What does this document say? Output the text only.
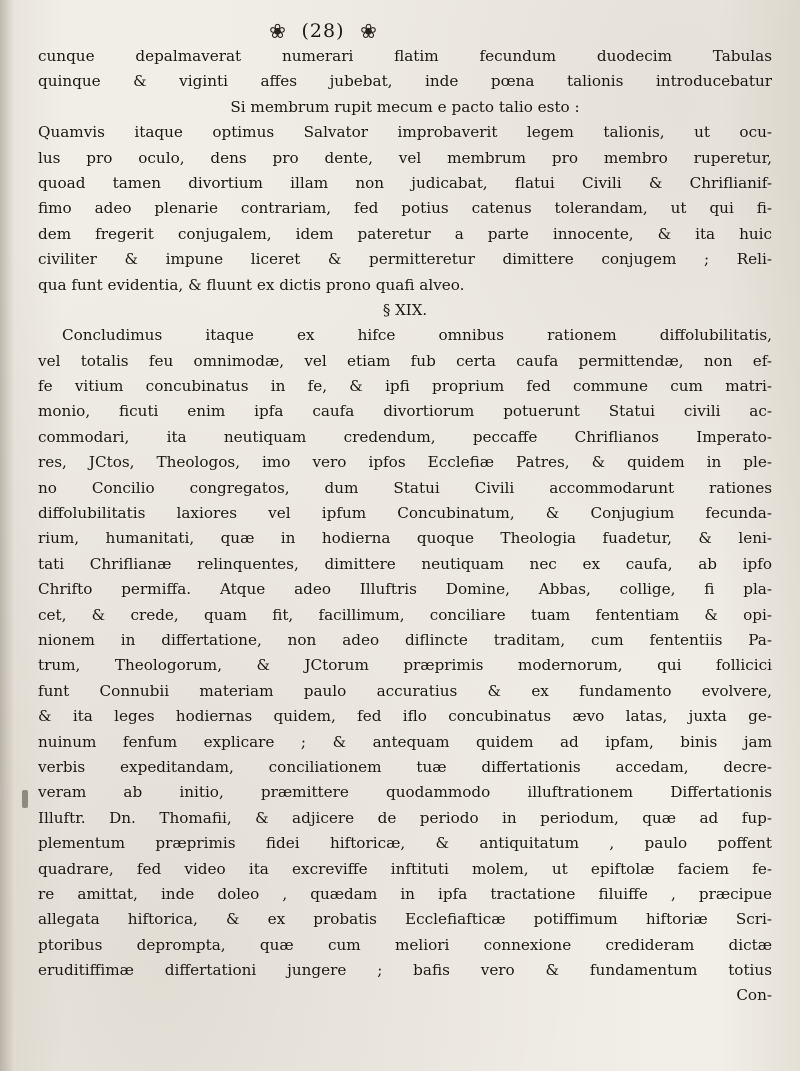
❀ (28) ❀
cunque depalmaverat numerari flatim fecundum duodecim Tabulas
quinque & viginti affes jubebat, inde pœna talionis introducebatur
Si membrum rupit mecum e pacto talio esto :
Quamvis itaque optimus Salvator improbaverit legem talionis, ut ocu-
lus pro oculo, dens pro dente, vel membrum pro membro ruperetur,
quoad tamen divortium illam non judicabat, flatui Civili & Chriflianif-
fimo adeo plenarie contrariam, fed potius catenus tolerandam, ut qui fi-
dem fregerit conjugalem, idem pateretur a parte innocente, & ita huic
civiliter & impune liceret & permitteretur dimittere conjugem ; Reli-
qua funt evidentia, & fluunt ex dictis prono quafi alveo.
§ XIX.
Concludimus itaque ex hifce omnibus rationem diffolubilitatis,
vel totalis feu omnimodæ, vel etiam fub certa caufa permittendæ, non ef-
fe vitium concubinatus in fe, & ipfi proprium fed commune cum matri-
monio, ficuti enim ipfa caufa divortiorum potuerunt Statui civili ac-
commodari, ita neutiquam credendum, peccaffe Chriflianos Imperato-
res, JCtos, Theologos, imo vero ipfos Ecclefiæ Patres, & quidem in ple-
no Concilio congregatos, dum Statui Civili accommodarunt rationes
diffolubilitatis laxiores vel ipfum Concubinatum, & Conjugium fecunda-
rium, humanitati, quæ in hodierna quoque Theologia fuadetur, & leni-
tati Chriflianæ relinquentes, dimittere neutiquam nec ex caufa, ab ipfo
Chrifto permiffa. Atque adeo Illuftris Domine, Abbas, collige, fi pla-
cet, & crede, quam fit, facillimum, conciliare tuam fententiam & opi-
nionem in differtatione, non adeo diflincte traditam, cum fententiis Pa-
trum, Theologorum, & JCtorum præprimis modernorum, qui follicici
funt Connubii materiam paulo accuratius & ex fundamento evolvere,
& ita leges hodiernas quidem, fed iflo concubinatus ævo latas, juxta ge-
nuinum fenfum explicare ; & antequam quidem ad ipfam, binis jam
verbis expeditandam, conciliationem tuæ differtationis accedam, decre-
veram ab initio, præmittere quodammodo illuftrationem Differtationis
Illuftr. Dn. Thomafii, & adjicere de periodo in periodum, quæ ad fup-
plementum præprimis fidei hiftoricæ, & antiquitatum , paulo poffent
quadrare, fed video ita excreviffe inftituti molem, ut epiftolæ faciem fe-
re amittat, inde doleo , quædam in ipfa tractatione filuiffe , præcipue
allegata hiftorica, & ex probatis Ecclefiafticæ potiffimum hiftoriæ Scri-
ptoribus deprompta, quæ cum meliori connexione credideram dictæ
eruditiffimæ differtationi jungere ; bafis vero & fundamentum totius
Con-
